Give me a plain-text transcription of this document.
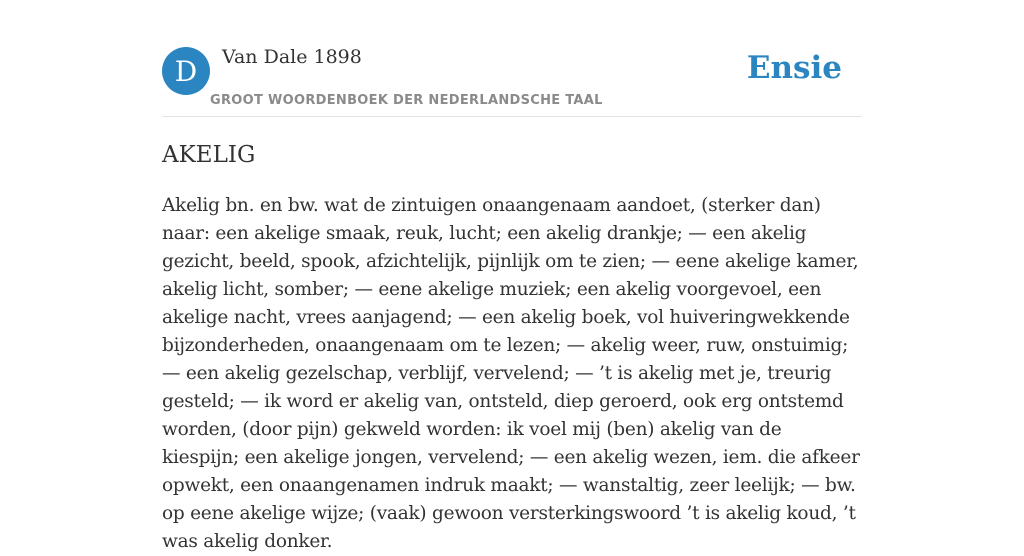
D	Van Dale 1898
GROOT WOORDENBOEK DER NEDERLANDSCHE TAAL
Ensie
AKELIG

Akelig bn. en bw. wat de zintuigen onaangenaam aandoet, (sterker dan) naar: een akelige smaak, reuk, lucht; een akelig drankje; — een akelig gezicht, beeld, spook, afzichtelijk, pijnlijk om te zien; — eene akelige kamer, akelig licht, somber; — eene akelige muziek; een akelig voorgevoel, een akelige nacht, vrees aanjagend; — een akelig boek, vol huiveringwekkende bijzonderheden, onaangenaam om te lezen; — akelig weer, ruw, onstuimig; — een akelig gezelschap, verblijf, vervelend; — ’t is akelig met je, treurig gesteld; — ik word er akelig van, ontsteld, diep geroerd, ook erg ontstemd worden, (door pijn) gekweld worden: ik voel mij (ben) akelig van de kiespijn; een akelige jongen, vervelend; — een akelig wezen, iem. die afkeer opwekt, een onaangenamen indruk maakt; — wanstaltig, zeer leelijk; — bw. op eene akelige wijze; (vaak) gewoon versterkingswoord ’t is akelig koud, ’t was akelig donker.
